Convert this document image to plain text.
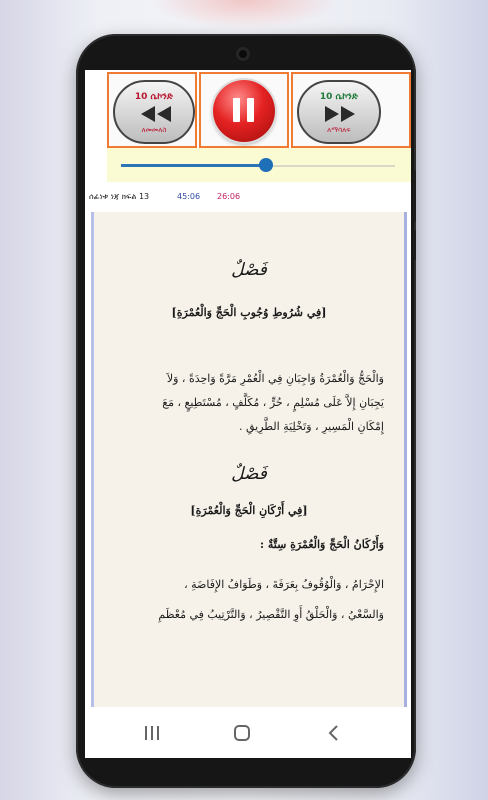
10 ሴኮንድ
ለመመለስ
10 ሴኮንድ
ለማሳለፍ
ሰፊነቱ ነጃ ክፍል 13	45:06 26:06
فَصْلٌ
[فِي شُرُوطِ وُجُوبِ الْحَجِّ وَالْعُمْرَةِ]
وَالْحَجُّ وَالْعُمْرَةُ وَاجِبَانِ فِي الْعُمْرِ مَرَّةً وَاحِدَةً ، وَلاَ
يَجِبَانِ إِلاَّ عَلَى مُسْلِمٍ ، حُرٍّ ، مُكَلَّفٍ ، مُسْتَطِيعٍ ، مَعَ
إِمْكَانِ الْمَسِيرِ ، وَتَخْلِيَةِ الطَّرِيقِ .
فَصْلٌ
[فِي أَرْكَانِ الْحَجِّ وَالْعُمْرَةِ]
وَأَرْكَانُ الْحَجِّ وَالْعُمْرَةِ سِتَّةٌ :
الإِحْرَامُ ، وَالْوُقُوفُ بِعَرَفَةَ ، وَطَوَافُ الإِفَاضَةِ ،
وَالسَّعْيُ ، وَالْحَلْقُ أَوِ التَّقْصِيرُ ، وَالتَّرْتِيبُ فِي مُعْظَمِ
